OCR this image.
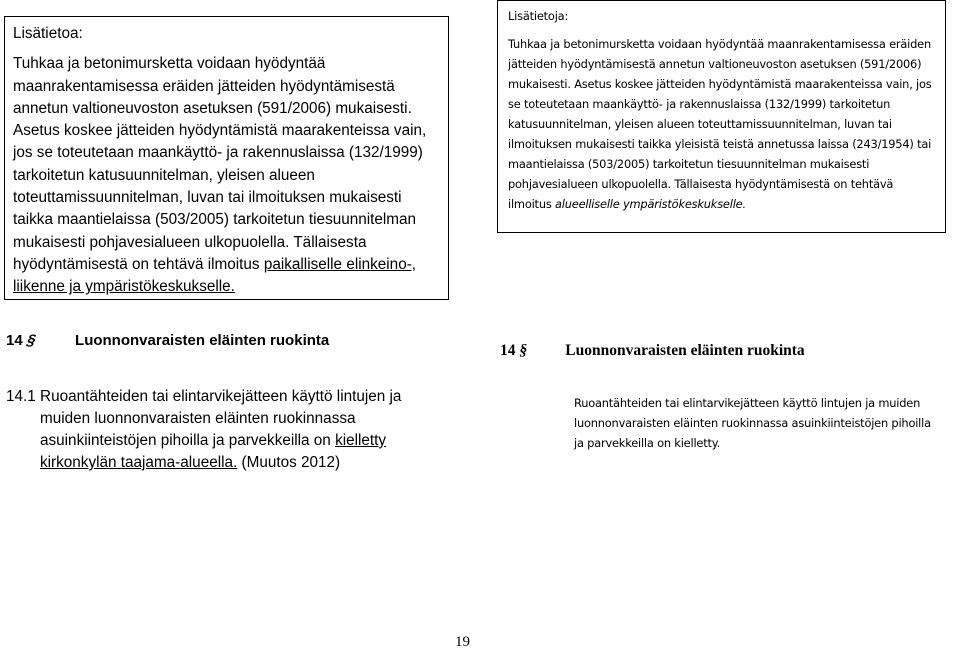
Lisätietoa:

Tuhkaa ja betonimursketta voidaan hyödyntää maanrakentamisessa eräiden jätteiden hyödyntämisestä annetun valtioneuvoston asetuksen (591/2006) mukaisesti. Asetus koskee jätteiden hyödyntämistä maarakenteissa vain, jos se toteutetaan maankäyttö- ja rakennuslaissa (132/1999) tarkoitetun katusuunnitelman, yleisen alueen toteuttamissuunnitelman, luvan tai ilmoituksen mukaisesti taikka maantielaissa (503/2005) tarkoitetun tiesuunnitelman mukaisesti pohjavesialueen ulkopuolella. Tällaisesta hyödyntämisestä on tehtävä ilmoitus paikalliselle elinkeino-, liikenne ja ympäristökeskukselle.

Lisätietoja:

Tuhkaa ja betonimursketta voidaan hyödyntää maanrakentamisessa eräiden jätteiden hyödyntämisestä annetun valtioneuvoston asetuksen (591/2006) mukaisesti. Asetus koskee jätteiden hyödyntämistä maarakenteissa vain, jos se toteutetaan maankäyttö- ja rakennuslaissa (132/1999) tarkoitetun katusuunnitelman, yleisen alueen toteuttamissuunnitelman, luvan tai ilmoituksen mukaisesti taikka yleisistä teistä annetussa laissa (243/1954) tai maantielaissa (503/2005) tarkoitetun tiesuunnitelman mukaisesti pohjavesialueen ulkopuolella. Tällaisesta hyödyntämisestä on tehtävä ilmoitus alueelliselle ympäristökeskukselle.

14 §	Luonnonvaraisten eläinten ruokinta
14 § Luonnonvaraisten eläinten ruokinta
14.1 Ruoantähteiden tai elintarvikejätteen käyttö lintujen ja
muiden luonnonvaraisten eläinten ruokinnassa
asuinkiinteistöjen pihoilla ja parvekkeilla on kielletty
kirkonkylän taajama-alueella. (Muutos 2012)
Ruoantähteiden tai elintarvikejätteen käyttö lintujen ja muiden luonnonvaraisten eläinten ruokinnassa asuinkiinteistöjen pihoilla ja parvekkeilla on kielletty.
19
